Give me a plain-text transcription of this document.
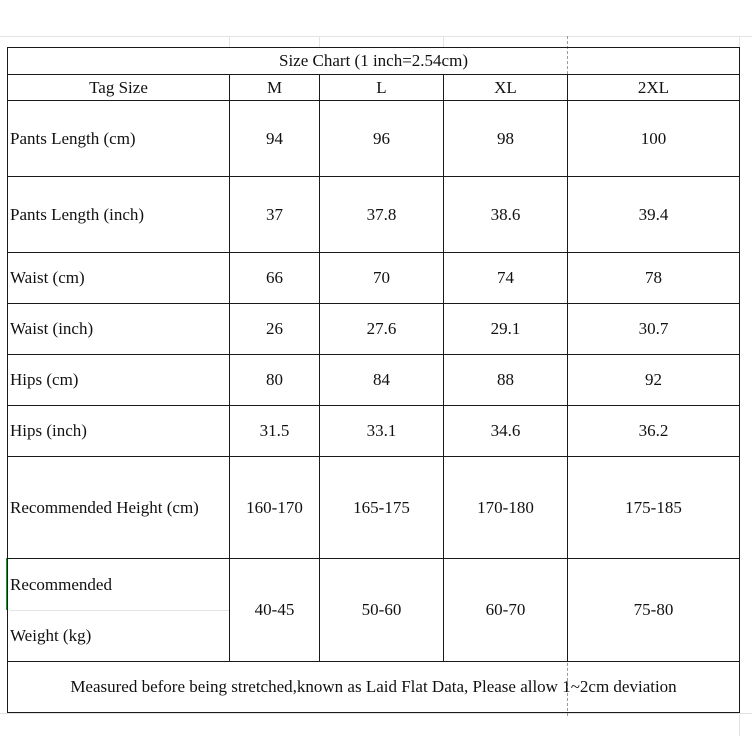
Size Chart (1 inch=2.54cm)				
Tag Size	M	L	XL	2XL
Pants Length (cm)	94	96	98	100
Pants Length (inch)	37	37.8	38.6	39.4
Waist (cm)	66	70	74	78
Waist (inch)	26	27.6	29.1	30.7
Hips (cm)	80	84	88	92
Hips (inch)	31.5	33.1	34.6	36.2
Recommended Height (cm)	160-170	165-175	170-180	175-185

Recommended
Weight (kg)	40-45	50-60	60-70	75-80
Measured before being stretched,known as Laid Flat Data, Please allow 1~2cm deviation				
